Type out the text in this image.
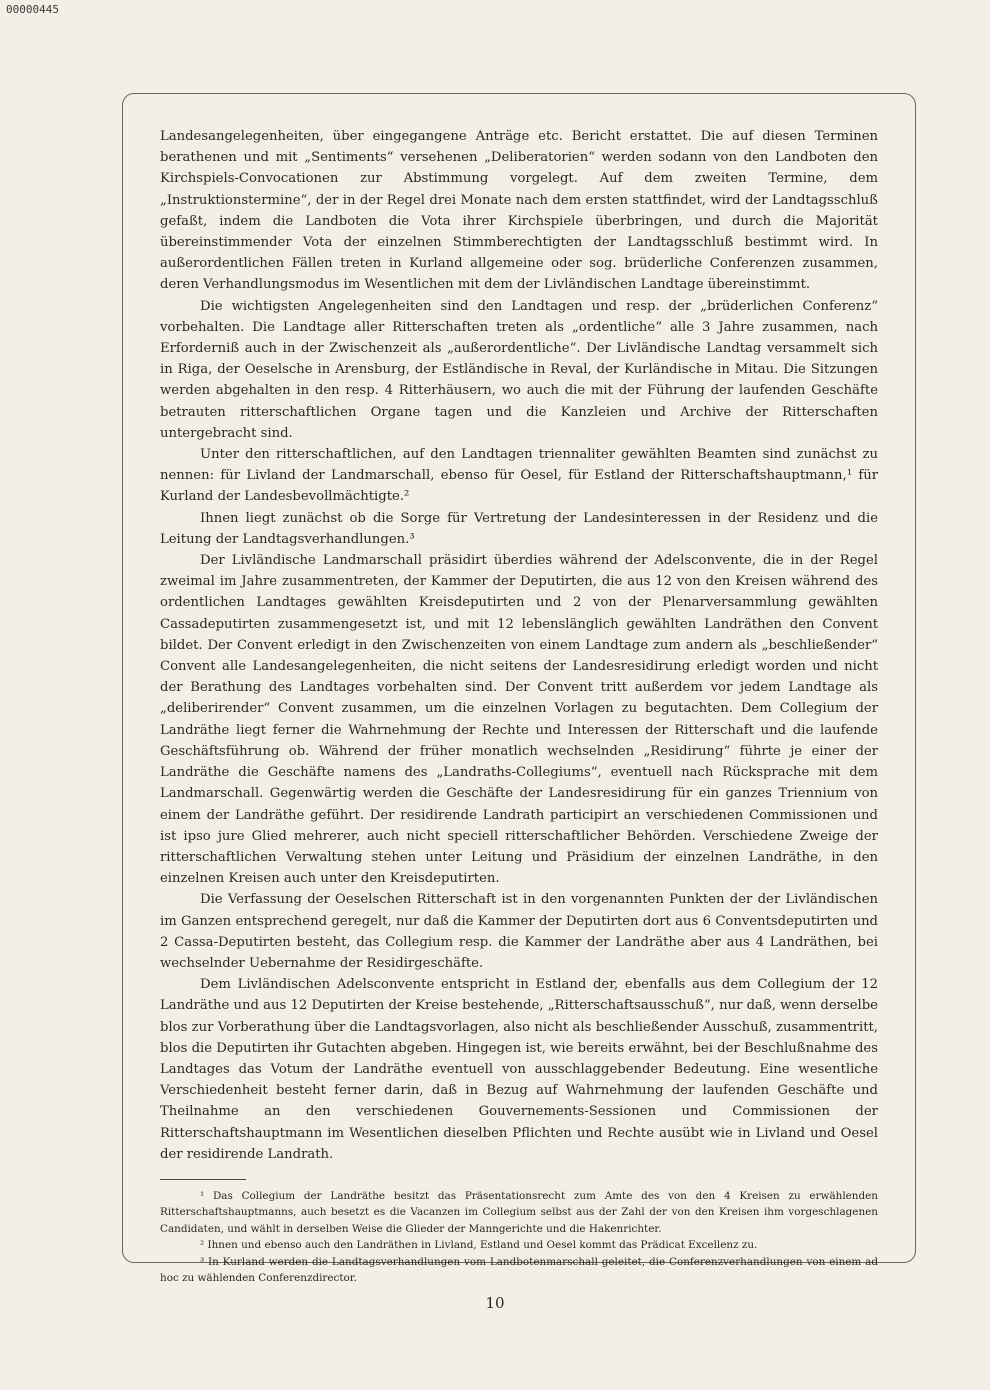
00000445

Landesangelegenheiten, über eingegangene Anträge etc. Bericht erstattet. Die auf diesen Terminen berathenen und mit „Sentiments“ versehenen „Deliberatorien“ werden sodann von den Landboten den Kirchspiels-Convocationen zur Abstimmung vorgelegt. Auf dem zweiten Termine, dem „Instruktionstermine“, der in der Regel drei Monate nach dem ersten stattfindet, wird der Landtagsschluß gefaßt, indem die Landboten die Vota ihrer Kirchspiele überbringen, und durch die Majorität übereinstimmender Vota der einzelnen Stimmberechtigten der Landtagsschluß bestimmt wird. In außerordentlichen Fällen treten in Kurland allgemeine oder sog. brüderliche Conferenzen zusammen, deren Verhandlungsmodus im Wesentlichen mit dem der Livländischen Landtage übereinstimmt.

Die wichtigsten Angelegenheiten sind den Landtagen und resp. der „brüderlichen Conferenz“ vorbehalten. Die Landtage aller Ritterschaften treten als „ordentliche“ alle 3 Jahre zusammen, nach Erforderniß auch in der Zwischenzeit als „außerordentliche“. Der Livländische Landtag versammelt sich in Riga, der Oeselsche in Arensburg, der Estländische in Reval, der Kurländische in Mitau. Die Sitzungen werden abgehalten in den resp. 4 Ritterhäusern, wo auch die mit der Führung der laufenden Geschäfte betrauten ritterschaftlichen Organe tagen und die Kanzleien und Archive der Ritterschaften untergebracht sind.

Unter den ritterschaftlichen, auf den Landtagen triennaliter gewählten Beamten sind zunächst zu nennen: für Livland der Landmarschall, ebenso für Oesel, für Estland der Ritterschaftshauptmann,¹ für Kurland der Landesbevollmächtigte.²

Ihnen liegt zunächst ob die Sorge für Vertretung der Landesinteressen in der Residenz und die Leitung der Landtagsverhandlungen.³

Der Livländische Landmarschall präsidirt überdies während der Adelsconvente, die in der Regel zweimal im Jahre zusammentreten, der Kammer der Deputirten, die aus 12 von den Kreisen während des ordentlichen Landtages gewählten Kreisdeputirten und 2 von der Plenarversammlung gewählten Cassadeputirten zusammengesetzt ist, und mit 12 lebenslänglich gewählten Landräthen den Convent bildet. Der Convent erledigt in den Zwischenzeiten von einem Landtage zum andern als „beschließender“ Convent alle Landesangelegenheiten, die nicht seitens der Landesresidirung erledigt worden und nicht der Berathung des Landtages vorbehalten sind. Der Convent tritt außerdem vor jedem Landtage als „deliberirender“ Convent zusammen, um die einzelnen Vorlagen zu begutachten. Dem Collegium der Landräthe liegt ferner die Wahrnehmung der Rechte und Interessen der Ritterschaft und die laufende Geschäftsführung ob. Während der früher monatlich wechselnden „Residirung“ führte je einer der Landräthe die Geschäfte namens des „Landraths-Collegiums“, eventuell nach Rücksprache mit dem Landmarschall. Gegenwärtig werden die Geschäfte der Landesresidirung für ein ganzes Triennium von einem der Landräthe geführt. Der residirende Landrath participirt an verschiedenen Commissionen und ist ipso jure Glied mehrerer, auch nicht speciell ritterschaftlicher Behörden. Verschiedene Zweige der ritterschaftlichen Verwaltung stehen unter Leitung und Präsidium der einzelnen Landräthe, in den einzelnen Kreisen auch unter den Kreisdeputirten.

Die Verfassung der Oeselschen Ritterschaft ist in den vorgenannten Punkten der der Livländischen im Ganzen entsprechend geregelt, nur daß die Kammer der Deputirten dort aus 6 Conventsdeputirten und 2 Cassa-Deputirten besteht, das Collegium resp. die Kammer der Landräthe aber aus 4 Landräthen, bei wechselnder Uebernahme der Residirgeschäfte.

Dem Livländischen Adelsconvente entspricht in Estland der, ebenfalls aus dem Collegium der 12 Landräthe und aus 12 Deputirten der Kreise bestehende, „Ritterschaftsausschuß“, nur daß, wenn derselbe blos zur Vorberathung über die Landtagsvorlagen, also nicht als beschließender Ausschuß, zusammentritt, blos die Deputirten ihr Gutachten abgeben. Hingegen ist, wie bereits erwähnt, bei der Beschlußnahme des Landtages das Votum der Landräthe eventuell von ausschlaggebender Bedeutung. Eine wesentliche Verschiedenheit besteht ferner darin, daß in Bezug auf Wahrnehmung der laufenden Geschäfte und Theilnahme an den verschiedenen Gouvernements-Sessionen und Commissionen der Ritterschaftshauptmann im Wesentlichen dieselben Pflichten und Rechte ausübt wie in Livland und Oesel der residirende Landrath.

¹ Das Collegium der Landräthe besitzt das Präsentationsrecht zum Amte des von den 4 Kreisen zu erwählenden Ritterschaftshauptmanns, auch besetzt es die Vacanzen im Collegium selbst aus der Zahl der von den Kreisen ihm vorgeschlagenen Candidaten, und wählt in derselben Weise die Glieder der Manngerichte und die Hakenrichter.

² Ihnen und ebenso auch den Landräthen in Livland, Estland und Oesel kommt das Prädicat Excellenz zu.

³ In Kurland werden die Landtagsverhandlungen vom Landbotenmarschall geleitet, die Conferenzverhandlungen von einem ad hoc zu wählenden Conferenzdirector.

10
